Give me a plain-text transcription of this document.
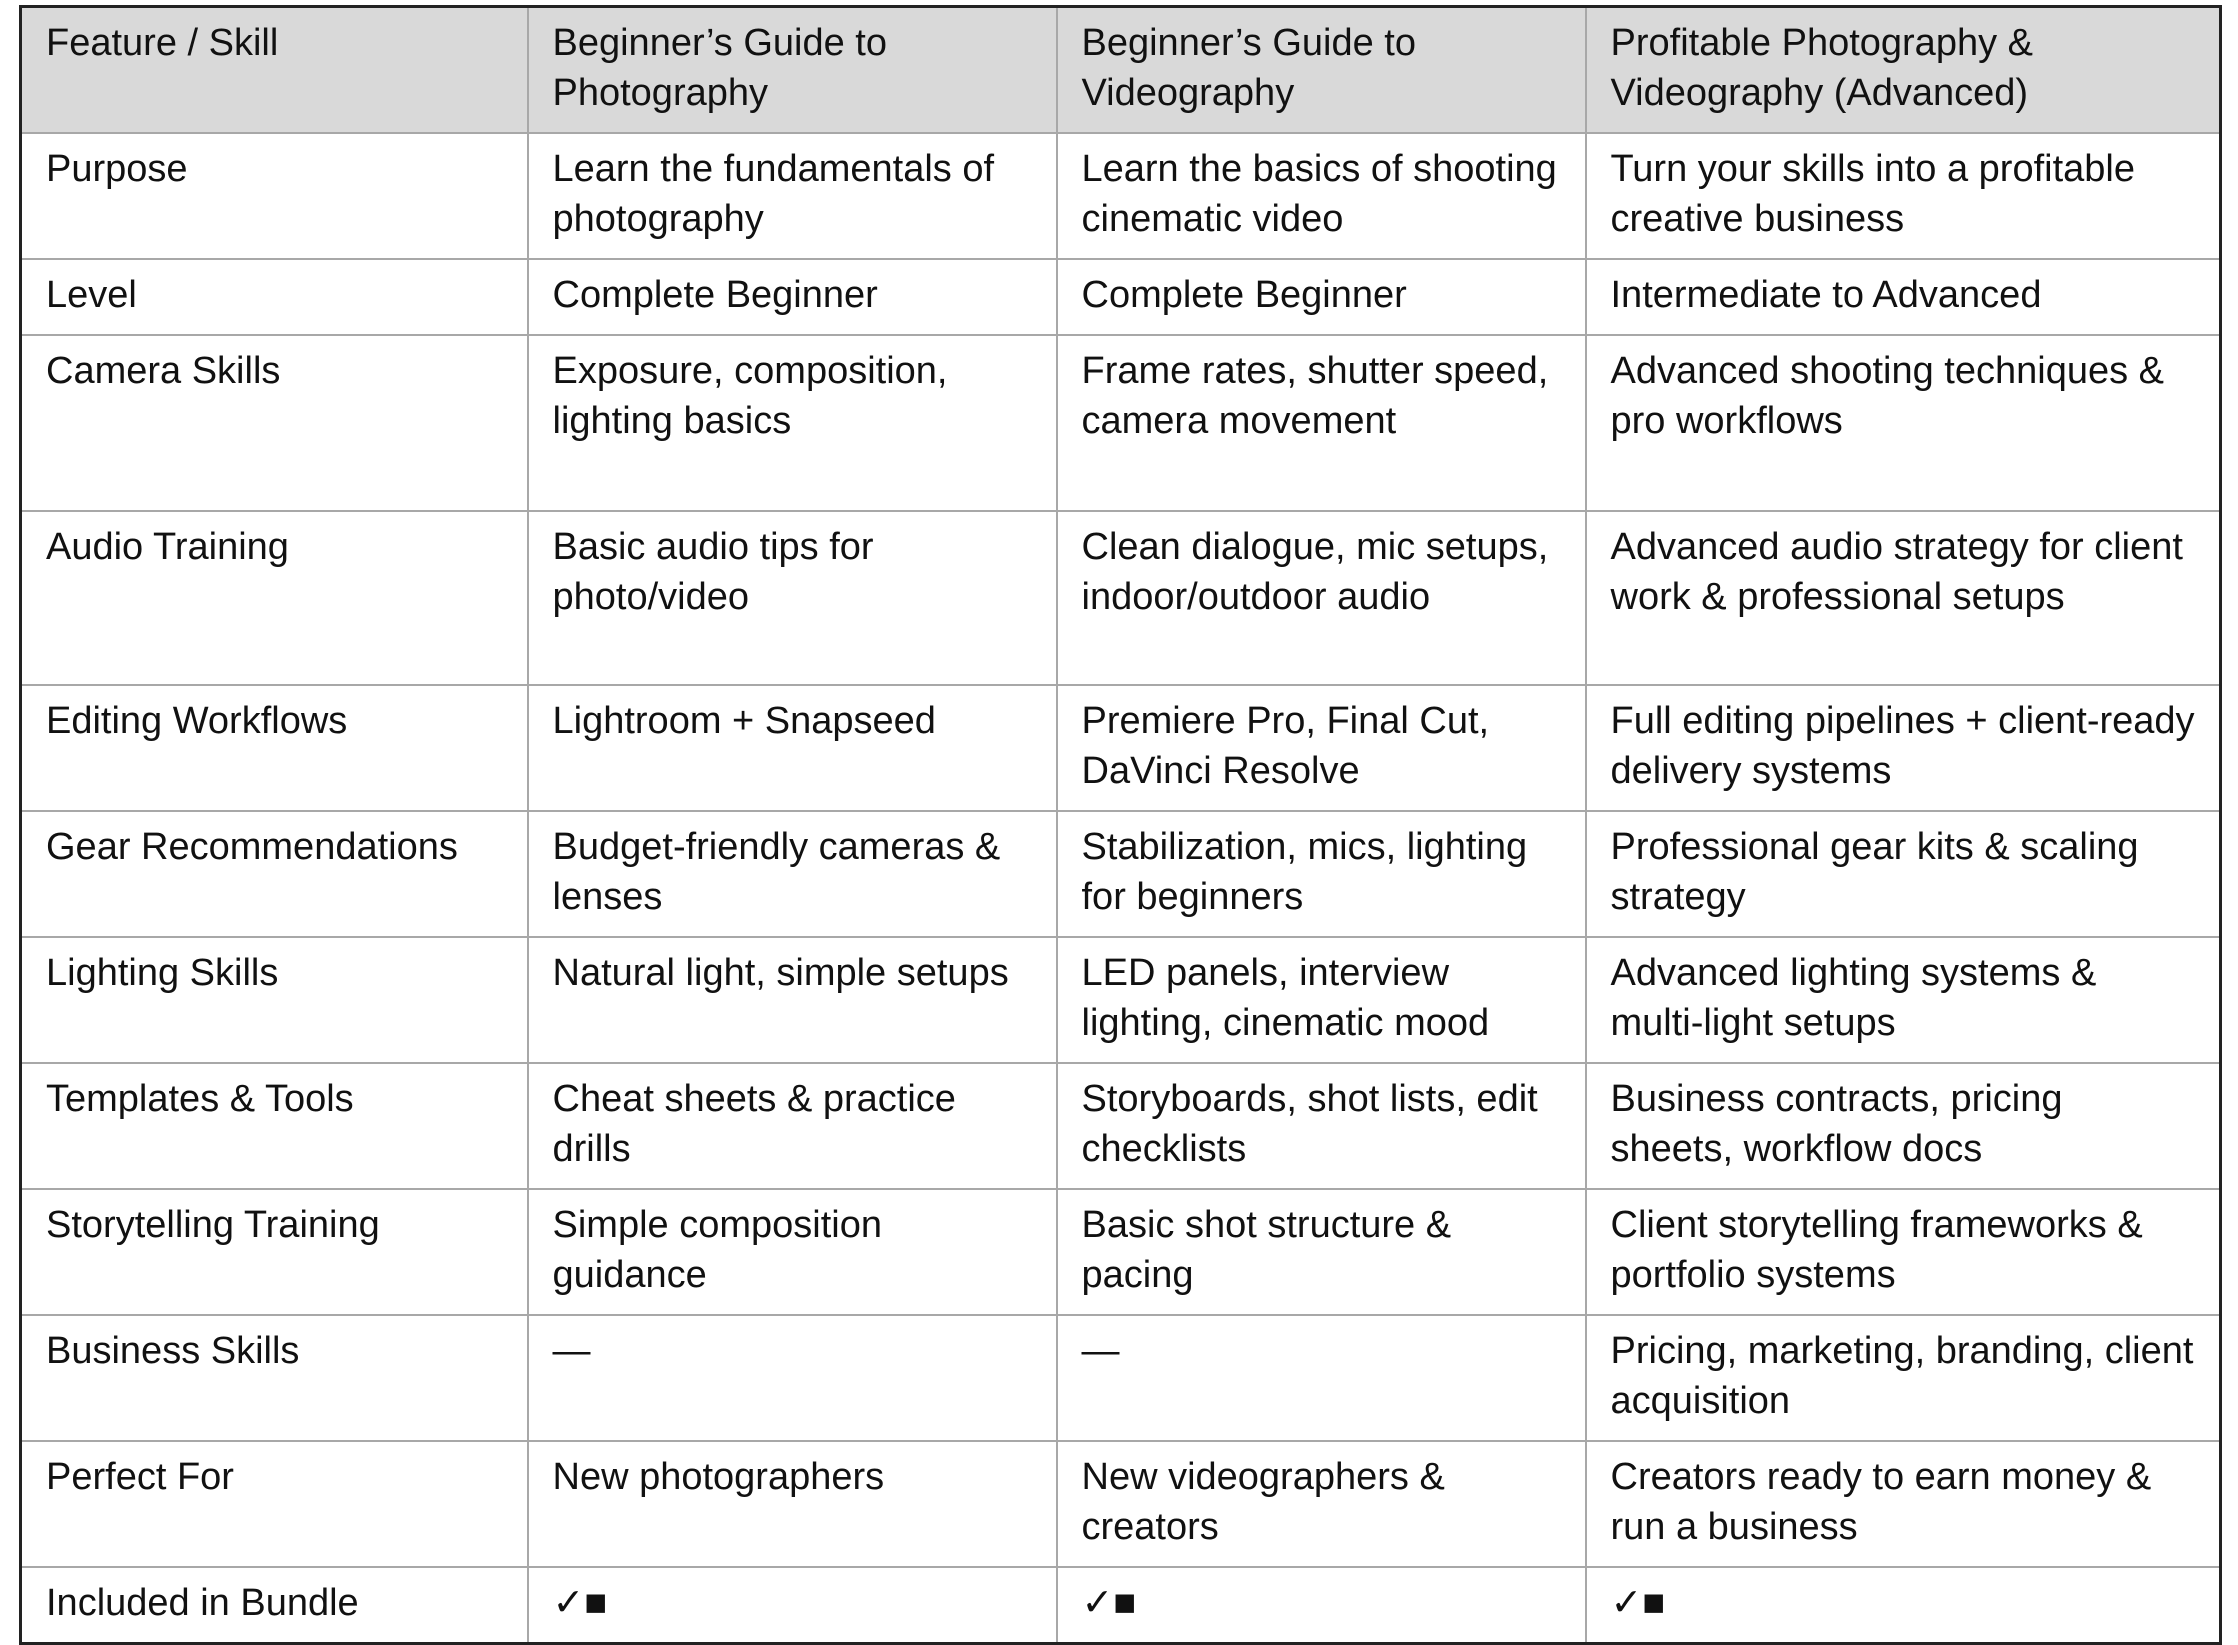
Feature / Skill	Beginner’s Guide to Photography	Beginner’s Guide to Videography	Profitable Photography & Videography (Advanced)
Purpose	Learn the fundamentals of photography	Learn the basics of shooting cinematic video	Turn your skills into a profitable creative business
Level	Complete Beginner	Complete Beginner	Intermediate to Advanced
Camera Skills	Exposure, composition, lighting basics	Frame rates, shutter speed, camera movement	Advanced shooting techniques & pro workflows
Audio Training	Basic audio tips for photo/video	Clean dialogue, mic setups, indoor/outdoor audio	Advanced audio strategy for client work & professional setups
Editing Workflows	Lightroom + Snapseed	Premiere Pro, Final Cut, DaVinci Resolve	Full editing pipelines + client-ready delivery systems
Gear Recommendations	Budget-friendly cameras & lenses	Stabilization, mics, lighting for beginners	Professional gear kits & scaling strategy
Lighting Skills	Natural light, simple setups	LED panels, interview lighting, cinematic mood	Advanced lighting systems & multi-light setups
Templates & Tools	Cheat sheets & practice drills	Storyboards, shot lists, edit checklists	Business contracts, pricing sheets, workflow docs
Storytelling Training	Simple composition guidance	Basic shot structure & pacing	Client storytelling frameworks & portfolio systems
Business Skills	—	—	Pricing, marketing, branding, client acquisition
Perfect For	New photographers	New videographers & creators	Creators ready to earn money & run a business
Included in Bundle	✓■	✓■	✓■
